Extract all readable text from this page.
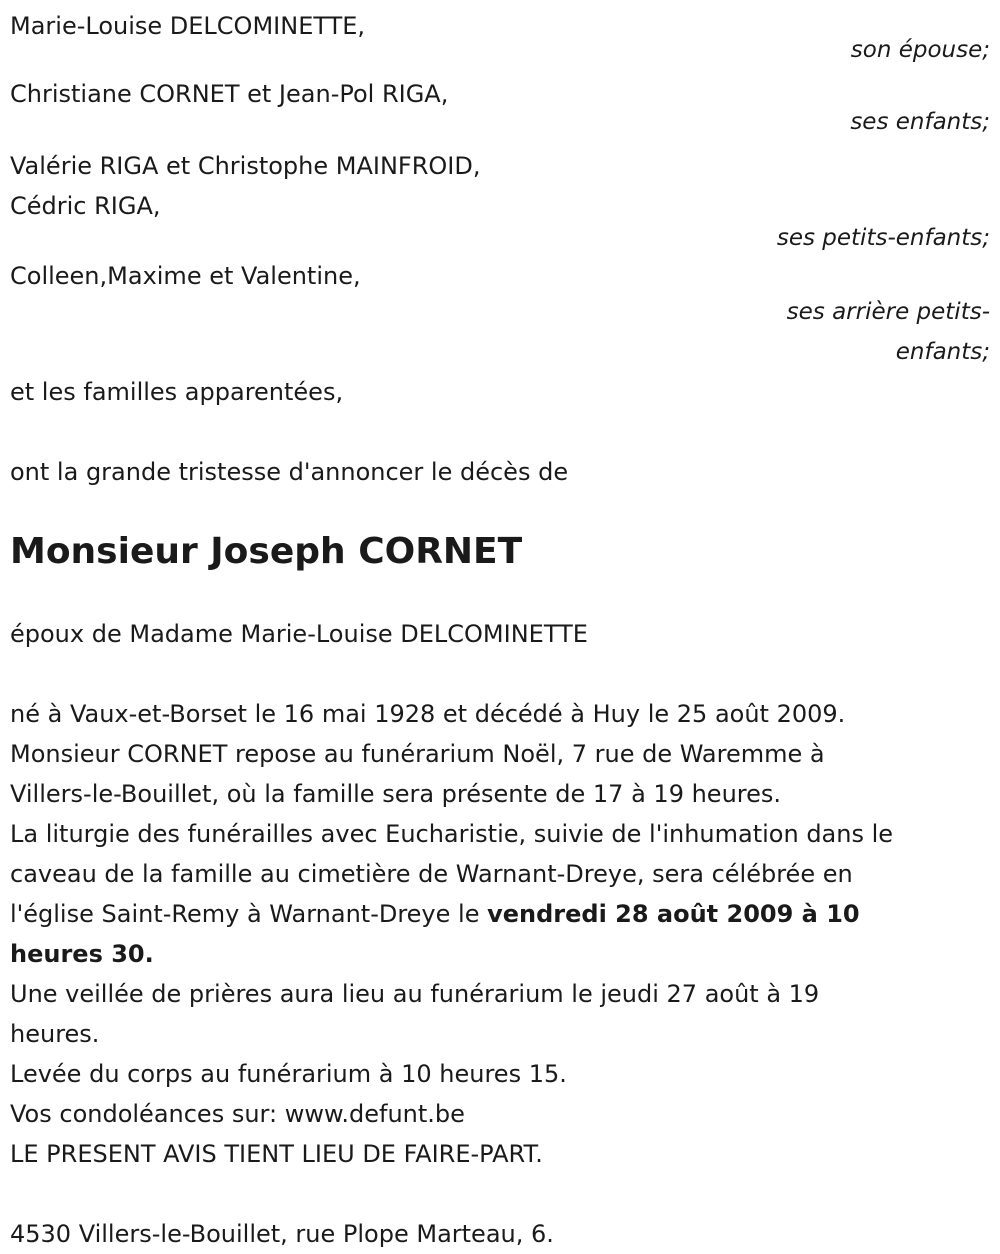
Marie-Louise DELCOMINETTE,
son épouse;
Christiane CORNET et Jean-Pol RIGA,
ses enfants;
Valérie RIGA et Christophe MAINFROID,
Cédric RIGA,
ses petits-enfants;
Colleen,Maxime et Valentine,
ses arrière petits-
enfants;
et les familles apparentées,
ont la grande tristesse d'annoncer le décès de
Monsieur Joseph CORNET
époux de Madame Marie-Louise DELCOMINETTE
né à Vaux-et-Borset le 16 mai 1928 et décédé à Huy le 25 août 2009.
Monsieur CORNET repose au funérarium Noël, 7 rue de Waremme à
Villers-le-Bouillet, où la famille sera présente de 17 à 19 heures.
La liturgie des funérailles avec Eucharistie, suivie de l'inhumation dans le
caveau de la famille au cimetière de Warnant-Dreye, sera célébrée en
l'église Saint-Remy à Warnant-Dreye le vendredi 28 août 2009 à 10
heures 30.
Une veillée de prières aura lieu au funérarium le jeudi 27 août à 19
heures.
Levée du corps au funérarium à 10 heures 15.
Vos condoléances sur: www.defunt.be
LE PRESENT AVIS TIENT LIEU DE FAIRE-PART.
4530 Villers-le-Bouillet, rue Plope Marteau, 6.
